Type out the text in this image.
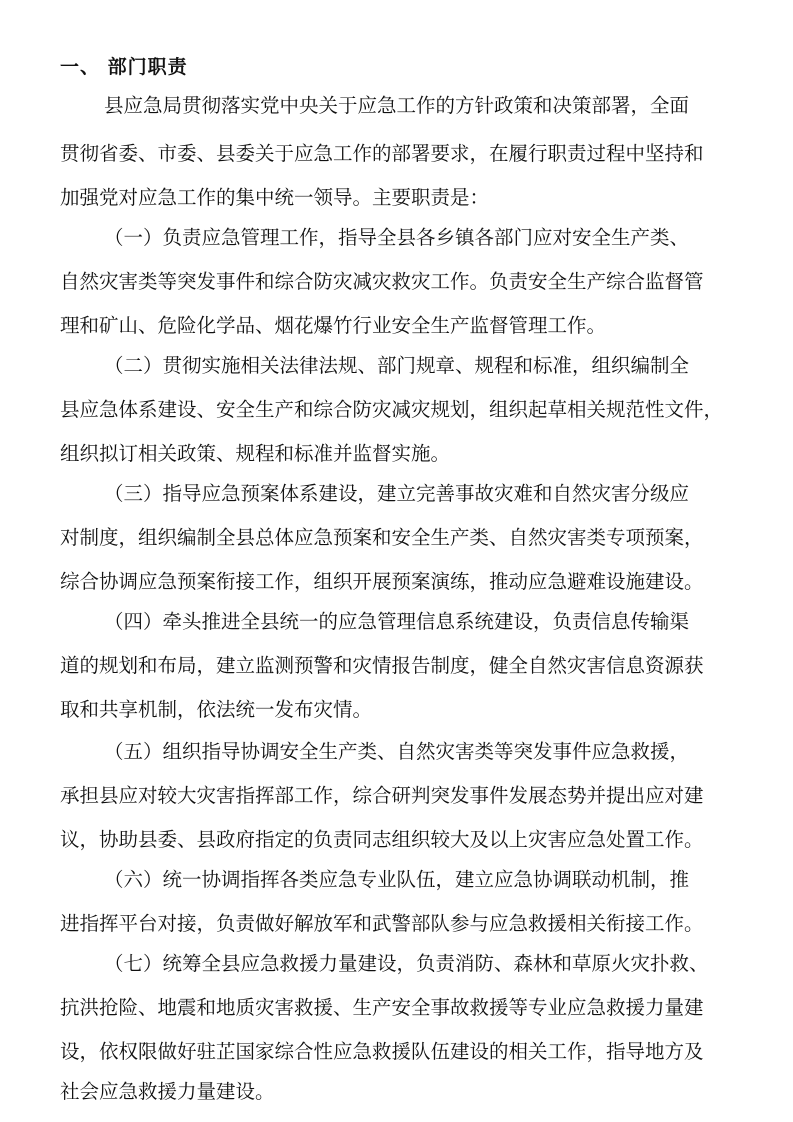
一、 部门职责
县应急局贯彻落实党中央关于应急工作的方针政策和决策部署，全面
贯彻省委、市委、县委关于应急工作的部署要求，在履行职责过程中坚持和
加强党对应急工作的集中统一领导。主要职责是：
（一）负责应急管理工作，指导全县各乡镇各部门应对安全生产类、
自然灾害类等突发事件和综合防灾减灾救灾工作。负责安全生产综合监督管
理和矿山、危险化学品、烟花爆竹行业安全生产监督管理工作。
（二）贯彻实施相关法律法规、部门规章、规程和标准，组织编制全
县应急体系建设、安全生产和综合防灾减灾规划，组织起草相关规范性文件，
组织拟订相关政策、规程和标准并监督实施。
（三）指导应急预案体系建设，建立完善事故灾难和自然灾害分级应
对制度，组织编制全县总体应急预案和安全生产类、自然灾害类专项预案，
综合协调应急预案衔接工作，组织开展预案演练，推动应急避难设施建设。
（四）牵头推进全县统一的应急管理信息系统建设，负责信息传输渠
道的规划和布局，建立监测预警和灾情报告制度，健全自然灾害信息资源获
取和共享机制，依法统一发布灾情。
（五）组织指导协调安全生产类、自然灾害类等突发事件应急救援，
承担县应对较大灾害指挥部工作，综合研判突发事件发展态势并提出应对建
议，协助县委、县政府指定的负责同志组织较大及以上灾害应急处置工作。
（六）统一协调指挥各类应急专业队伍，建立应急协调联动机制，推
进指挥平台对接，负责做好解放军和武警部队参与应急救援相关衔接工作。
（七）统筹全县应急救援力量建设，负责消防、森林和草原火灾扑救、
抗洪抢险、地震和地质灾害救援、生产安全事故救援等专业应急救援力量建
设，依权限做好驻芷国家综合性应急救援队伍建设的相关工作，指导地方及
社会应急救援力量建设。
